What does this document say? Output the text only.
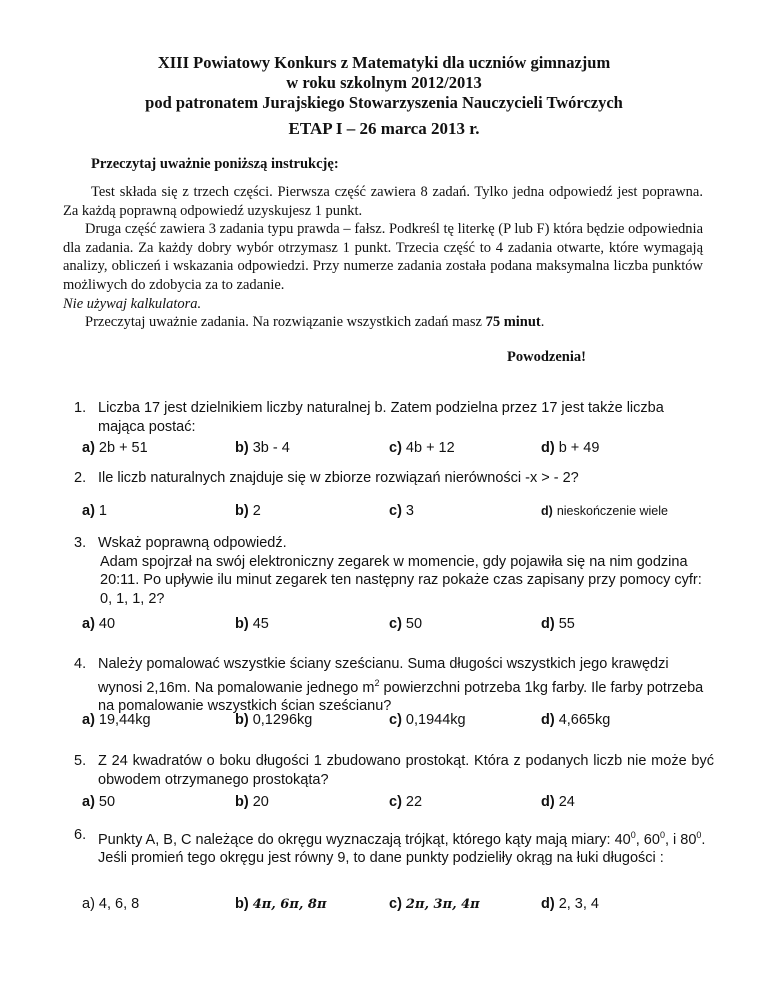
XIII Powiatowy Konkurs z Matematyki dla uczniów gimnazjum
w roku szkolnym 2012/2013
pod patronatem Jurajskiego Stowarzyszenia Nauczycieli Twórczych
ETAP I – 26 marca 2013 r.
Przeczytaj uważnie poniższą instrukcję:

Test składa się z trzech części. Pierwsza część zawiera 8 zadań. Tylko jedna odpowiedź jest poprawna. Za każdą poprawną odpowiedź uzyskujesz 1 punkt.

Druga część zawiera 3 zadania typu prawda – fałsz. Podkreśl tę literkę (P lub F) która będzie odpowiednia dla zadania. Za każdy dobry wybór otrzymasz 1 punkt. Trzecia część to 4 zadania otwarte, które wymagają analizy, obliczeń i wskazania odpowiedzi. Przy numerze zadania została podana maksymalna liczba punktów możliwych do zdobycia za to zadanie.

Nie używaj kalkulatora.

Przeczytaj uważnie zadania. Na rozwiązanie wszystkich zadań masz 75 minut.

Powodzenia!
1. Liczba 17 jest dzielnikiem liczby naturalnej b. Zatem podzielna przez 17 jest także liczba mająca postać:
a) 2b + 51	b) 3b - 4	c) 4b + 12	d) b + 49
2. Ile liczb naturalnych znajduje się w zbiorze rozwiązań nierówności -x > - 2?
a) 1	b) 2	c) 3	d) nieskończenie wiele
3. Wskaż poprawną odpowiedź.
Adam spojrzał na swój elektroniczny zegarek w momencie, gdy pojawiła się na nim godzina 20:11. Po upływie ilu minut zegarek ten następny raz pokaże czas zapisany przy pomocy cyfr: 0, 1, 1, 2?
a) 40	b) 45	c) 50	d) 55
4. Należy pomalować wszystkie ściany sześcianu. Suma długości wszystkich jego krawędzi wynosi 2,16m. Na pomalowanie jednego $m^2$ powierzchni potrzeba 1kg farby. Ile farby potrzeba na pomalowanie wszystkich ścian sześcianu?
a) 19,44kg	b) 0,1296kg	c) 0,1944kg	d) 4,665kg
5. Z 24 kwadratów o boku długości 1 zbudowano prostokąt. Która z podanych liczb nie może być obwodem otrzymanego prostokąta?
a) 50	b) 20	c) 22	d) 24
6. Punkty A, B, C należące do okręgu wyznaczają trójkąt, którego kąty mają miary: $40^0$, $60^0$, i $80^0$. Jeśli promień tego okręgu jest równy 9, to dane punkty podzieliły okrąg na łuki długości :
a) 4, 6, 8	b) 4π, 6π, 8π	c) 2π, 3π, 4π	d) 2, 3, 4
